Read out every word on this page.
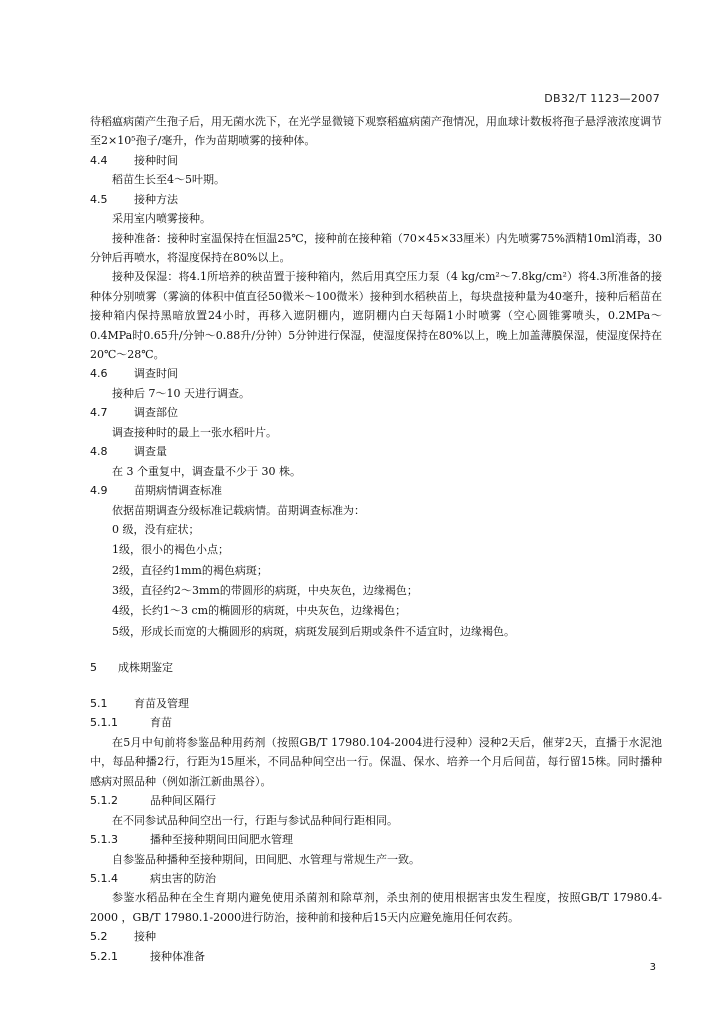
DB32/T 1123—2007

待稻瘟病菌产生孢子后，用无菌水洗下，在光学显微镜下观察稻瘟病菌产孢情况，用血球计数板将孢子悬浮液浓度调节至2×10⁵孢子/毫升，作为苗期喷雾的接种体。

4.4 接种时间

稻苗生长至4～5叶期。

4.5 接种方法

采用室内喷雾接种。

接种准备：接种时室温保持在恒温25℃，接种前在接种箱（70×45×33厘米）内先喷雾75%酒精10ml消毒，30分钟后再喷水，将湿度保持在80%以上。

接种及保湿：将4.1所培养的秧苗置于接种箱内，然后用真空压力泵（4 kg/cm²～7.8kg/cm²）将4.3所准备的接种体分别喷雾（雾滴的体积中值直径50微米～100微米）接种到水稻秧苗上，每块盘接种量为40毫升，接种后稻苗在接种箱内保持黑暗放置24小时，再移入遮阴棚内，遮阴棚内白天每隔1小时喷雾（空心圆锥雾喷头，0.2MPa～0.4MPa时0.65升/分钟～0.88升/分钟）5分钟进行保湿，使湿度保持在80%以上，晚上加盖薄膜保湿，使湿度保持在20℃～28℃。

4.6 调查时间

接种后 7～10 天进行调查。

4.7 调查部位

调查接种时的最上一张水稻叶片。

4.8 调查量

在 3 个重复中，调查量不少于 30 株。

4.9 苗期病情调查标准

依据苗期调查分级标准记载病情。苗期调查标准为：

0 级，没有症状；

1级，很小的褐色小点；

2级，直径约1mm的褐色病斑；

3级，直径约2～3mm的带圆形的病斑，中央灰色，边缘褐色；

4级，长约1～3 cm的椭圆形的病斑，中央灰色，边缘褐色；

5级，形成长而宽的大椭圆形的病斑，病斑发展到后期或条件不适宜时，边缘褐色。

5 成株期鉴定
5.1 育苗及管理
5.1.1	育苗

在5月中旬前将参鉴品种用药剂（按照GB/T 17980.104-2004进行浸种）浸种2天后，催芽2天，直播于水泥池中，每品种播2行，行距为15厘米，不同品种间空出一行。保温、保水、培养一个月后间苗，每行留15株。同时播种感病对照品种（例如浙江新曲黑谷）。

5.1.2	品种间区隔行

在不同参试品种间空出一行，行距与参试品种间行距相同。

5.1.3	播种至接种期间田间肥水管理

自参鉴品种播种至接种期间，田间肥、水管理与常规生产一致。

5.1.4	病虫害的防治

参鉴水稻品种在全生育期内避免使用杀菌剂和除草剂，杀虫剂的使用根据害虫发生程度，按照GB/T 17980.4-2000 ，GB/T 17980.1-2000进行防治，接种前和接种后15天内应避免施用任何农药。

5.2 接种
5.2.1	接种体准备
3
